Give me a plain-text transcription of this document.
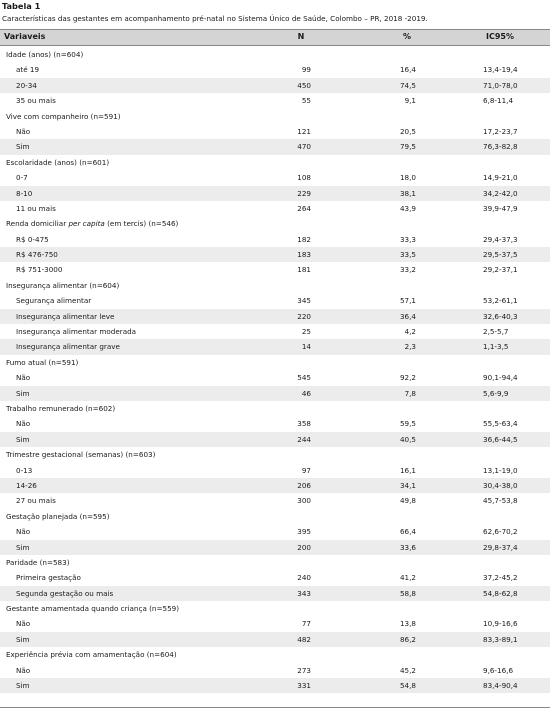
Tabela 1
Características das gestantes em acompanhamento pré-natal no Sistema Único de Saúde, Colombo – PR, 2018 -2019.
Variaveis	N	%	IC95%
Idade (anos) (n=604)
até 19	99	16,4	13,4-19,4
20-34	450	74,5	71,0-78,0
35 ou mais	55	9,1	6,8-11,4
Vive com companheiro (n=591)
Não	121	20,5	17,2-23,7
Sim	470	79,5	76,3-82,8
Escolaridade (anos) (n=601)
0-7	108	18,0	14,9-21,0
8-10	229	38,1	34,2-42,0
11 ou mais	264	43,9	39,9-47,9
Renda domiciliar per capita (em tercis) (n=546)
R$ 0-475	182	33,3	29,4-37,3
R$ 476-750	183	33,5	29,5-37,5
R$ 751-3000	181	33,2	29,2-37,1
Insegurança alimentar (n=604)
Segurança alimentar	345	57,1	53,2-61,1
Insegurança alimentar leve	220	36,4	32,6-40,3
Insegurança alimentar moderada	25	4,2	2,5-5,7
Insegurança alimentar grave	14	2,3	1,1-3,5
Fumo atual (n=591)
Não	545	92,2	90,1-94,4
Sim	46	7,8	5,6-9,9
Trabalho remunerado (n=602)
Não	358	59,5	55,5-63,4
Sim	244	40,5	36,6-44,5
Trimestre gestacional (semanas) (n=603)
0-13	97	16,1	13,1-19,0
14-26	206	34,1	30,4-38,0
27 ou mais	300	49,8	45,7-53,8
Gestação planejada (n=595)
Não	395	66,4	62,6-70,2
Sim	200	33,6	29,8-37,4
Paridade (n=583)
Primeira gestação	240	41,2	37,2-45,2
Segunda gestação ou mais	343	58,8	54,8-62,8
Gestante amamentada quando criança (n=559)
Não	77	13,8	10,9-16,6
Sim	482	86,2	83,3-89,1
Experiência prévia com amamentação (n=604)
Não	273	45,2	9,6-16,6
Sim	331	54,8	83,4-90,4
